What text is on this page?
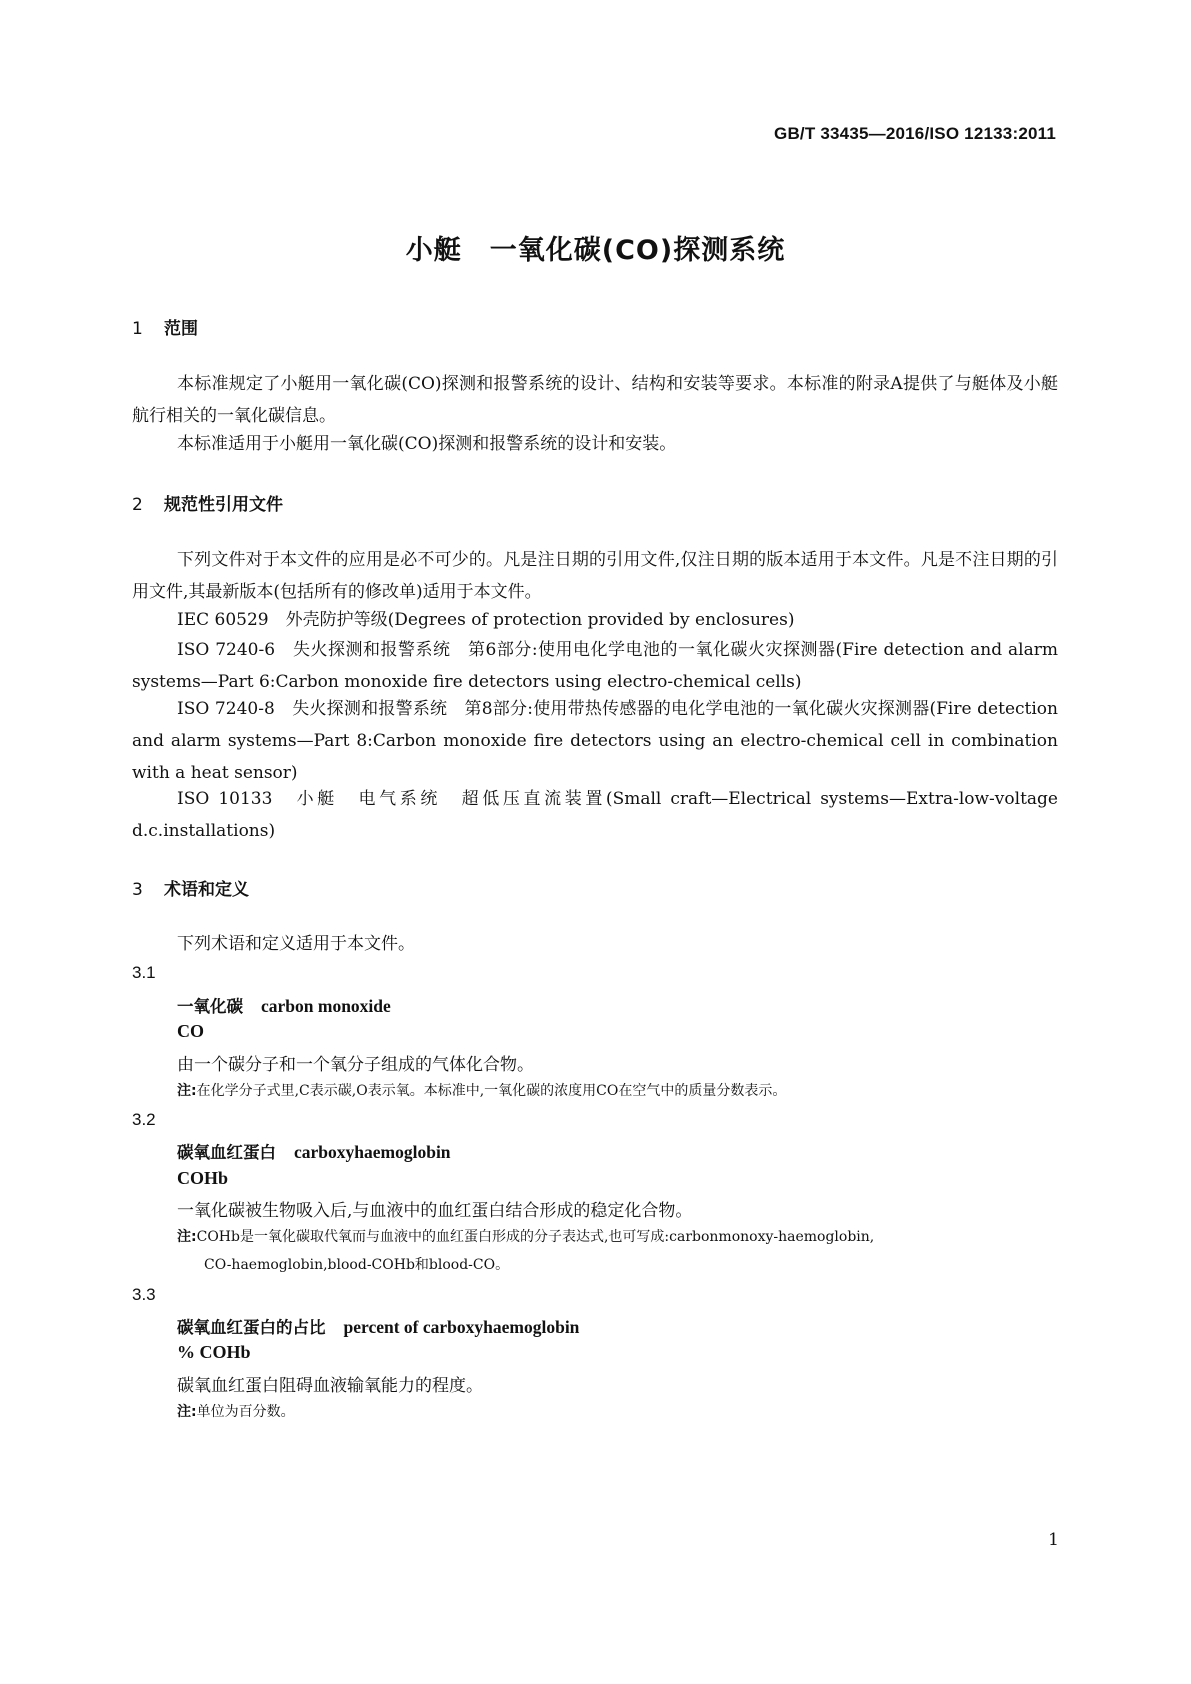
GB/T 33435—2016/ISO 12133:2011
小艇　一氧化碳(CO)探测系统
1 范围

本标准规定了小艇用一氧化碳(CO)探测和报警系统的设计、结构和安装等要求。本标准的附录A提供了与艇体及小艇航行相关的一氧化碳信息。

本标准适用于小艇用一氧化碳(CO)探测和报警系统的设计和安装。

2 规范性引用文件

下列文件对于本文件的应用是必不可少的。凡是注日期的引用文件,仅注日期的版本适用于本文件。凡是不注日期的引用文件,其最新版本(包括所有的修改单)适用于本文件。

IEC 60529　外壳防护等级(Degrees of protection provided by enclosures)

ISO 7240-6　失火探测和报警系统　第6部分:使用电化学电池的一氧化碳火灾探测器(Fire detection and alarm systems—Part 6:Carbon monoxide fire detectors using electro-chemical cells)

ISO 7240-8　失火探测和报警系统　第8部分:使用带热传感器的电化学电池的一氧化碳火灾探测器(Fire detection and alarm systems—Part 8:Carbon monoxide fire detectors using an electro-chemical cell in combination with a heat sensor)

ISO 10133　小艇　电气系统　超低压直流装置(Small craft—Electrical systems—Extra-low-voltage d.c.installations)

3 术语和定义

下列术语和定义适用于本文件。

3.1
一氧化碳 carbon monoxide
CO
由一个碳分子和一个氧分子组成的气体化合物。

注:在化学分子式里,C表示碳,O表示氧。本标准中,一氧化碳的浓度用CO在空气中的质量分数表示。

3.2
碳氧血红蛋白 carboxyhaemoglobin
COHb
一氧化碳被生物吸入后,与血液中的血红蛋白结合形成的稳定化合物。

注:COHb是一氧化碳取代氧而与血液中的血红蛋白形成的分子表达式,也可写成:carbonmonoxy-haemoglobin,
CO-haemoglobin,blood-COHb和blood-CO。

3.3
碳氧血红蛋白的占比 percent of carboxyhaemoglobin
% COHb
碳氧血红蛋白阻碍血液输氧能力的程度。

注:单位为百分数。

1
